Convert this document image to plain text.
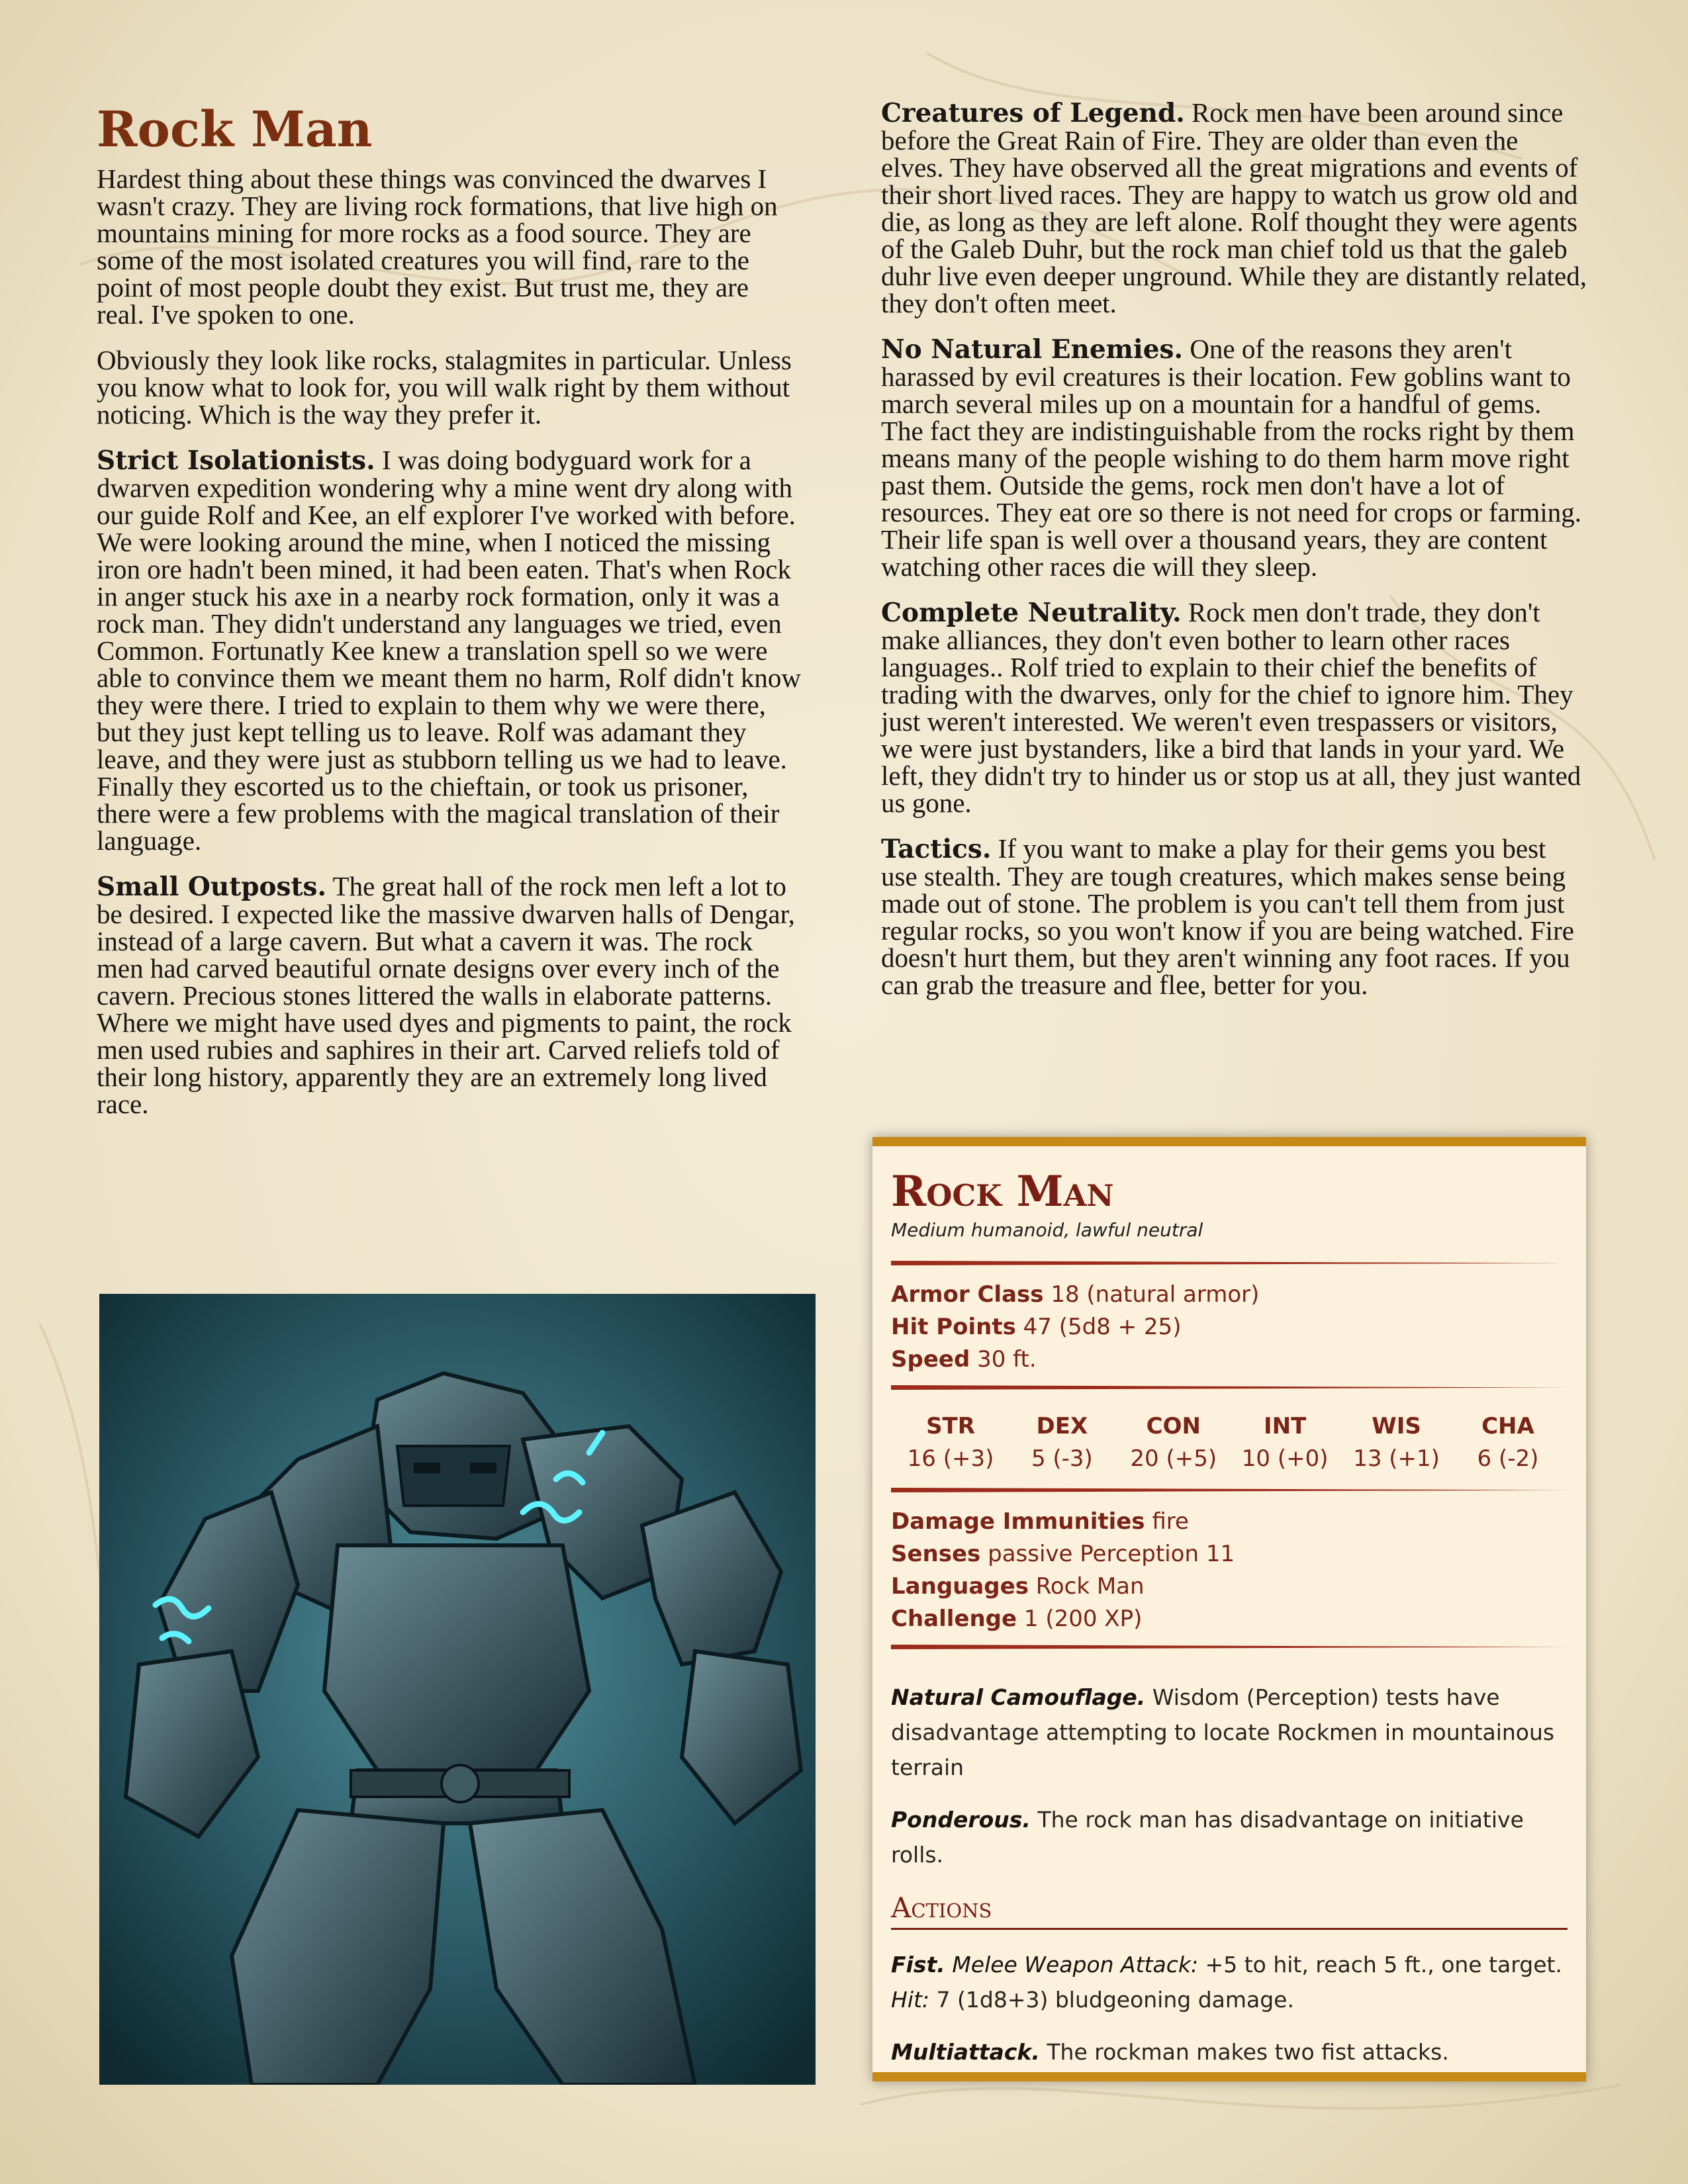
Rock Man

Hardest thing about these things was convinced the dwarves I wasn't crazy. They are living rock formations, that live high on mountains mining for more rocks as a food source. They are some of the most isolated creatures you will find, rare to the point of most people doubt they exist. But trust me, they are real. I've spoken to one.

Obviously they look like rocks, stalagmites in particular. Unless you know what to look for, you will walk right by them without noticing. Which is the way they prefer it.

Strict Isolationists. I was doing bodyguard work for a dwarven expedition wondering why a mine went dry along with our guide Rolf and Kee, an elf explorer I've worked with before. We were looking around the mine, when I noticed the missing iron ore hadn't been mined, it had been eaten. That's when Rock in anger stuck his axe in a nearby rock formation, only it was a rock man. They didn't understand any languages we tried, even Common. Fortunatly Kee knew a translation spell so we were able to convince them we meant them no harm, Rolf didn't know they were there. I tried to explain to them why we were there, but they just kept telling us to leave. Rolf was adamant they leave, and they were just as stubborn telling us we had to leave. Finally they escorted us to the chieftain, or took us prisoner, there were a few problems with the magical translation of their language.

Small Outposts. The great hall of the rock men left a lot to be desired. I expected like the massive dwarven halls of Dengar, instead of a large cavern. But what a cavern it was. The rock men had carved beautiful ornate designs over every inch of the cavern. Precious stones littered the walls in elaborate patterns. Where we might have used dyes and pigments to paint, the rock men used rubies and saphires in their art. Carved reliefs told of their long history, apparently they are an extremely long lived race.

Creatures of Legend. Rock men have been around since before the Great Rain of Fire. They are older than even the elves. They have observed all the great migrations and events of their short lived races. They are happy to watch us grow old and die, as long as they are left alone. Rolf thought they were agents of the Galeb Duhr, but the rock man chief told us that the galeb duhr live even deeper unground. While they are distantly related, they don't often meet.

No Natural Enemies. One of the reasons they aren't harassed by evil creatures is their location. Few goblins want to march several miles up on a mountain for a handful of gems. The fact they are indistinguishable from the rocks right by them means many of the people wishing to do them harm move right past them. Outside the gems, rock men don't have a lot of resources. They eat ore so there is not need for crops or farming. Their life span is well over a thousand years, they are content watching other races die will they sleep.

Complete Neutrality. Rock men don't trade, they don't make alliances, they don't even bother to learn other races languages.. Rolf tried to explain to their chief the benefits of trading with the dwarves, only for the chief to ignore him. They just weren't interested. We weren't even trespassers or visitors, we were just bystanders, like a bird that lands in your yard. We left, they didn't try to hinder us or stop us at all, they just wanted us gone.

Tactics. If you want to make a play for their gems you best use stealth. They are tough creatures, which makes sense being made out of stone. The problem is you can't tell them from just regular rocks, so you won't know if you are being watched. Fire doesn't hurt them, but they aren't winning any foot races. If you can grab the treasure and flee, better for you.

Rock Man
Medium humanoid, lawful neutral

Armor Class 18 (natural armor)

Hit Points 47 (5d8 + 25)

Speed 30 ft.

STR
16 (+3)
DEX
5 (-3)
CON
20 (+5)
INT
10 (+0)
WIS
13 (+1)
CHA
6 (-2)

Damage Immunities fire

Senses passive Perception 11

Languages Rock Man

Challenge 1 (200 XP)

Natural Camouflage. Wisdom (Perception) tests have disadvantage attempting to locate Rockmen in mountainous terrain

Ponderous. The rock man has disadvantage on initiative rolls.

Actions

Fist. Melee Weapon Attack: +5 to hit, reach 5 ft., one target. Hit: 7 (1d8+3) bludgeoning damage.

Multiattack. The rockman makes two fist attacks.
